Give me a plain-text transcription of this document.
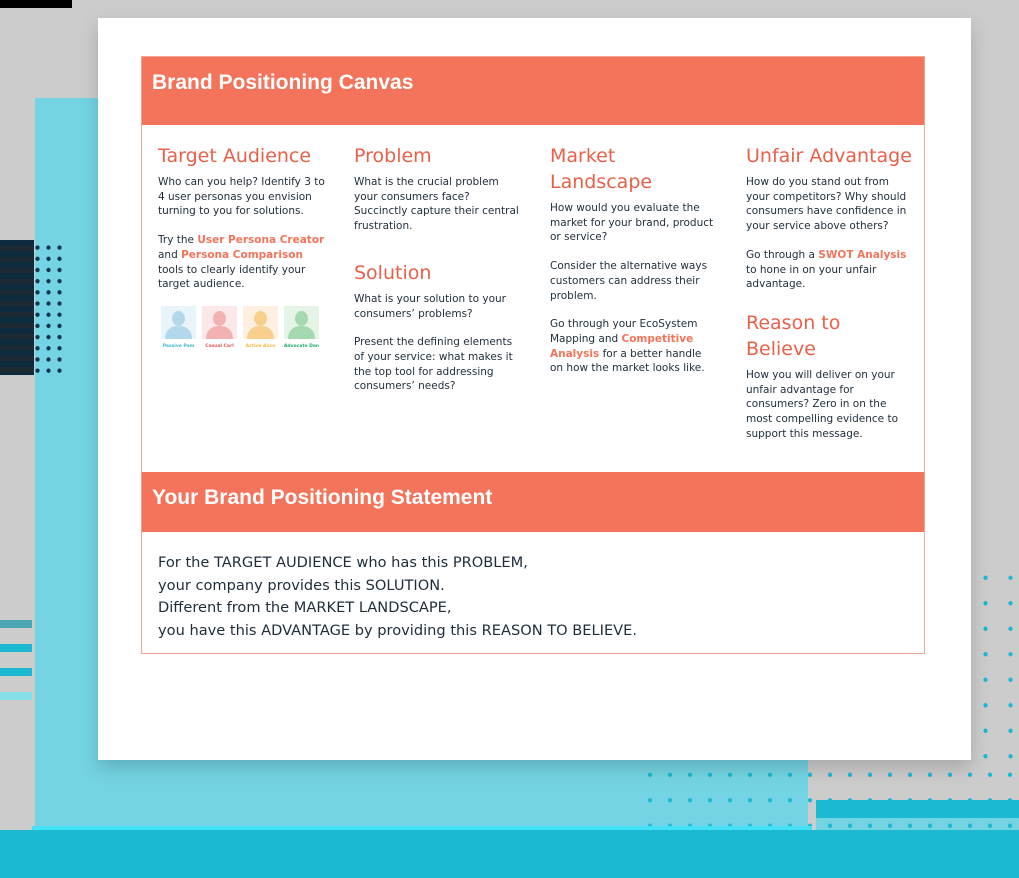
Brand Positioning Canvas
Target Audience

Who can you help? Identify 3 to 4 user personas you envision turning to you for solutions.

Try the User Persona Creator and Persona Comparison tools to clearly identify your target audience.

Passive Pam	Casual Carl	Active Alice	Advocate Dan
Problem

What is the crucial problem your consumers face? Succinctly capture their central frustration.

Solution

What is your solution to your consumers’ problems?

Present the defining elements of your service: what makes it the top tool for addressing consumers’ needs?

Market Landscape

How would you evaluate the market for your brand, product or service?

Consider the alternative ways customers can address their problem.

Go through your EcoSystem Mapping and Competitive Analysis for a better handle on how the market looks like.

Unfair Advantage

How do you stand out from your competitors? Why should consumers have confidence in your service above others?

Go through a SWOT Analysis to hone in on your unfair advantage.

Reason to Believe

How you will deliver on your unfair advantage for consumers? Zero in on the most compelling evidence to support this message.

Your Brand Positioning Statement
For the TARGET AUDIENCE who has this PROBLEM,
your company provides this SOLUTION.
Different from the MARKET LANDSCAPE,
you have this ADVANTAGE by providing this REASON TO BELIEVE.
